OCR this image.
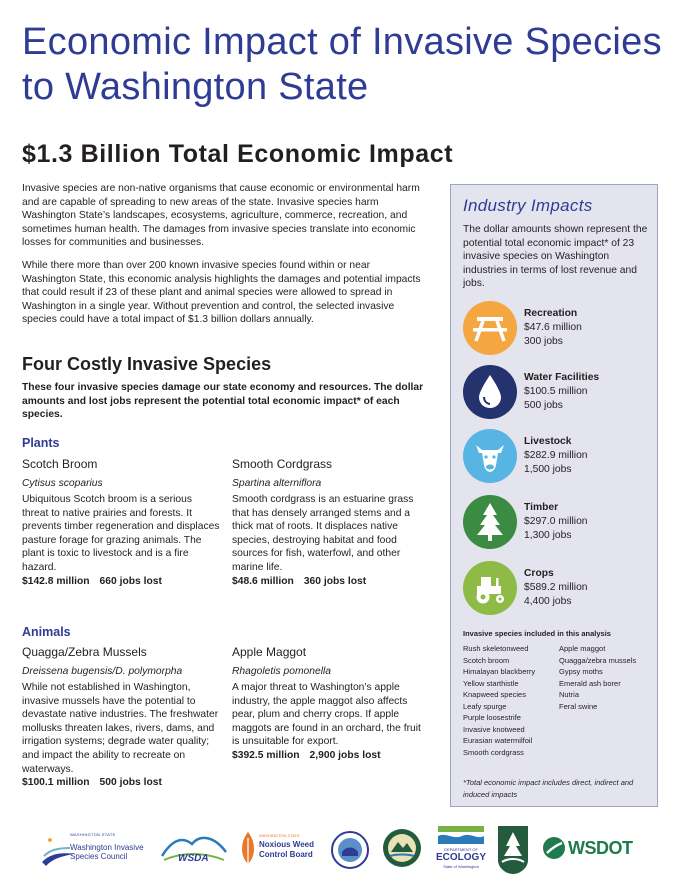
Economic Impact of Invasive Species to Washington State
$1.3 Billion Total Economic Impact

Invasive species are non-native organisms that cause economic or environmental harm and are capable of spreading to new areas of the state. Invasive species harm Washington State’s landscapes, ecosystems, agriculture, commerce, recreation, and sometimes human health. The damages from invasive species translate into economic losses for communities and businesses.

While there more than over 200 known invasive species found within or near Washington State, this economic analysis highlights the damages and potential impacts that could result if 23 of these plant and animal species were allowed to spread in Washington in a single year. Without prevention and control, the selected invasive species could have a total impact of $1.3 billion dollars annually.

Four Costly Invasive Species
These four invasive species damage our state economy and resources. The dollar amounts and lost jobs represent the potential total economic impact* of each species.
Plants
Scotch Broom
Cytisus scoparius
Ubiquitous Scotch broom is a serious threat to native prairies and forests. It prevents timber regeneration and displaces pasture forage for grazing animals. The plant is toxic to livestock and is a fire hazard.
$142.8 million 660 jobs lost
Smooth Cordgrass
Spartina alterniflora
Smooth cordgrass is an estuarine grass that has densely arranged stems and a thick mat of roots. It displaces native species, destroying habitat and food sources for fish, waterfowl, and other marine life.
$48.6 million 360 jobs lost
Animals
Quagga/Zebra Mussels
Dreissena bugensis/D. polymorpha
While not established in Washington, invasive mussels have the potential to devastate native industries. The freshwater mollusks threaten lakes, rivers, dams, and irrigation systems; degrade water quality; and impact the ability to recreate on waterways.
$100.1 million 500 jobs lost
Apple Maggot
Rhagoletis pomonella
A major threat to Washington’s apple industry, the apple maggot also affects pear, plum and cherry crops. If apple maggots are found in an orchard, the fruit is unsuitable for export.
$392.5 million 2,900 jobs lost
Industry Impacts
The dollar amounts shown represent the potential total economic impact* of 23 invasive species on Washington industries in terms of lost revenue and jobs.
Recreation
$47.6 million
300 jobs
Water Facilities
$100.5 million
500 jobs
Livestock
$282.9 million
1,500 jobs
Timber
$297.0 million
1,300 jobs
Crops
$589.2 million
4,400 jobs
Invasive species included in this analysis
Rush skeletonweed
Scotch broom
Himalayan blackberry
Yellow starthistle
Knapweed species
Leafy spurge
Purple loosestrife
Invasive knotweed
Eurasian watermilfoil
Smooth cordgrass
Apple maggot
Quagga/zebra mussels
Gypsy moths
Emerald ash borer
Nutria
Feral swine
*Total economic impact includes direct, indirect and induced impacts
WASHINGTON STATE
Washington Invasive
Species Council	WSDA
WASHINGTON STATE
Noxious Weed
Control Board
DEPARTMENT OF
ECOLOGY
State of Washington
WSDOT
